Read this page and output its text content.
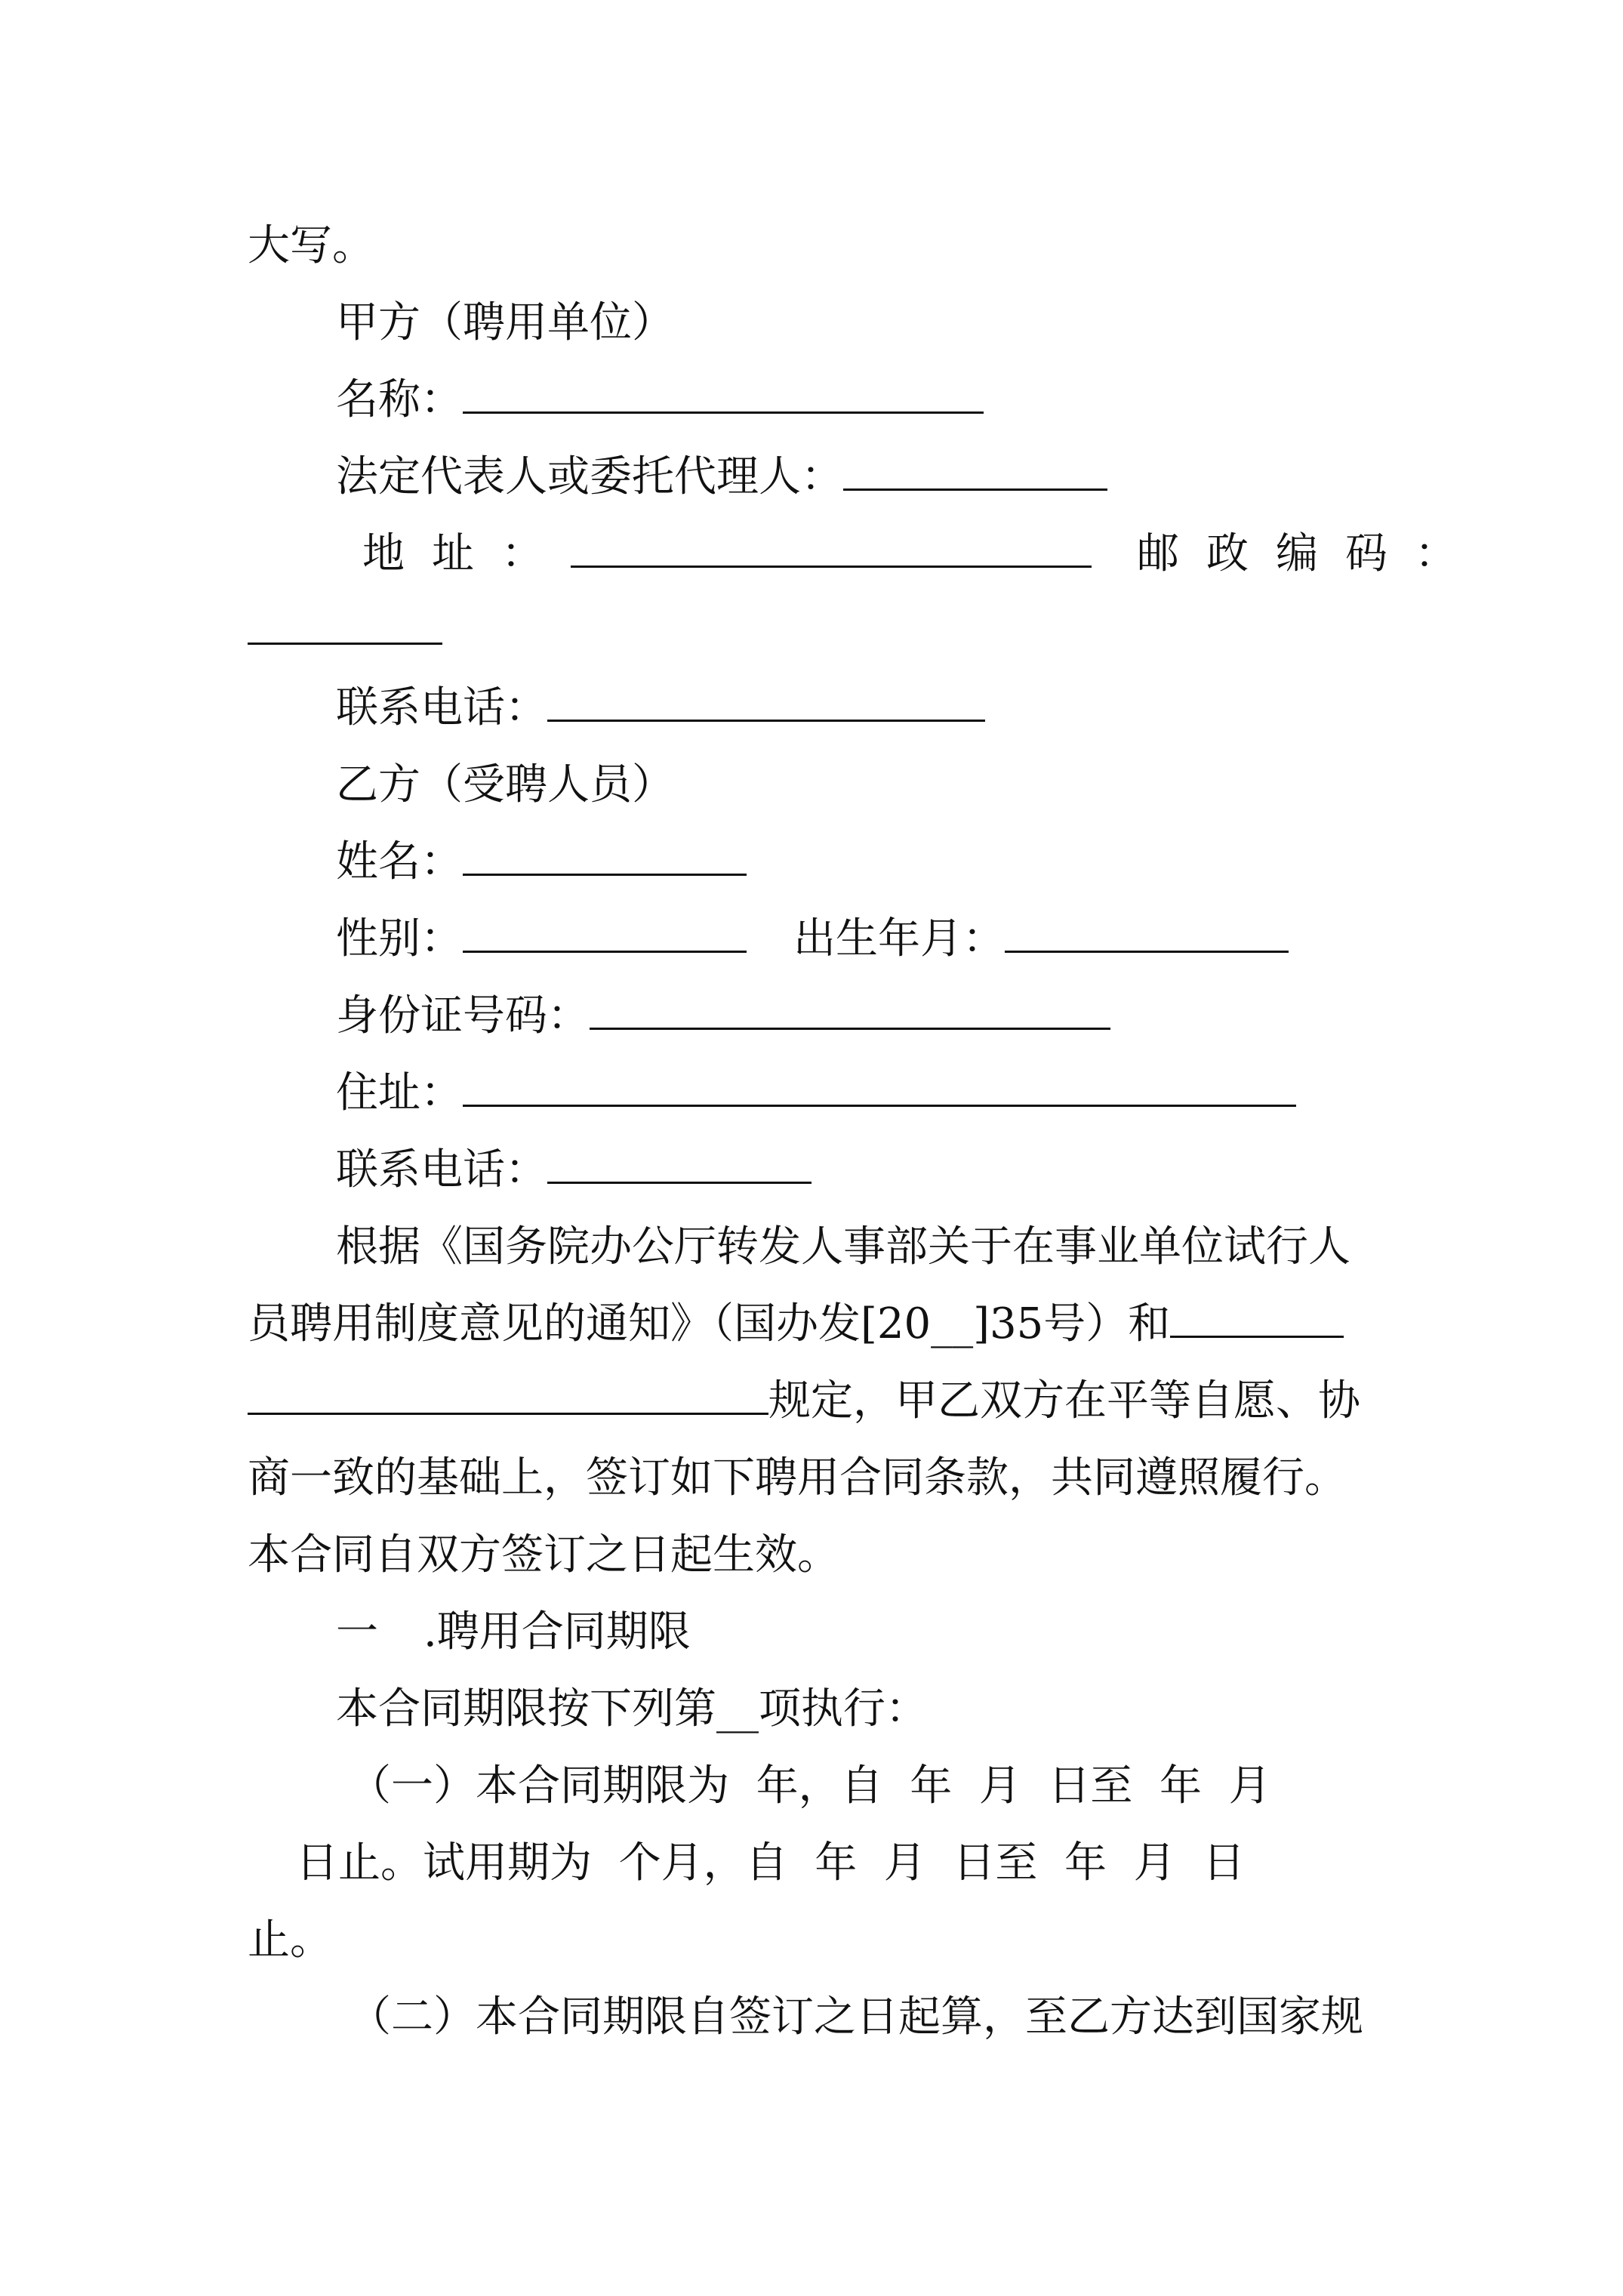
大写。
甲方（聘用单位）
名称：
法定代表人或委托代理人：
地址：	邮政编码：
联系电话：
乙方（受聘人员）
姓名：
性别：	出生年月：
身份证号码：
住址：
联系电话：
根据《国务院办公厅转发人事部关于在事业单位试行人
员聘用制度意见的通知》（国办发[20__]35号）和
规定，甲乙双方在平等自愿、协
商一致的基础上，签订如下聘用合同条款，共同遵照履行。
本合同自双方签订之日起生效。
一 .聘用合同期限
本合同期限按下列第__项执行：
（一）本合同期限为  年，自  年  月  日至  年  月
日止。试用期为  个月，自  年  月  日至  年  月  日
止。
（二）本合同期限自签订之日起算，至乙方达到国家规
